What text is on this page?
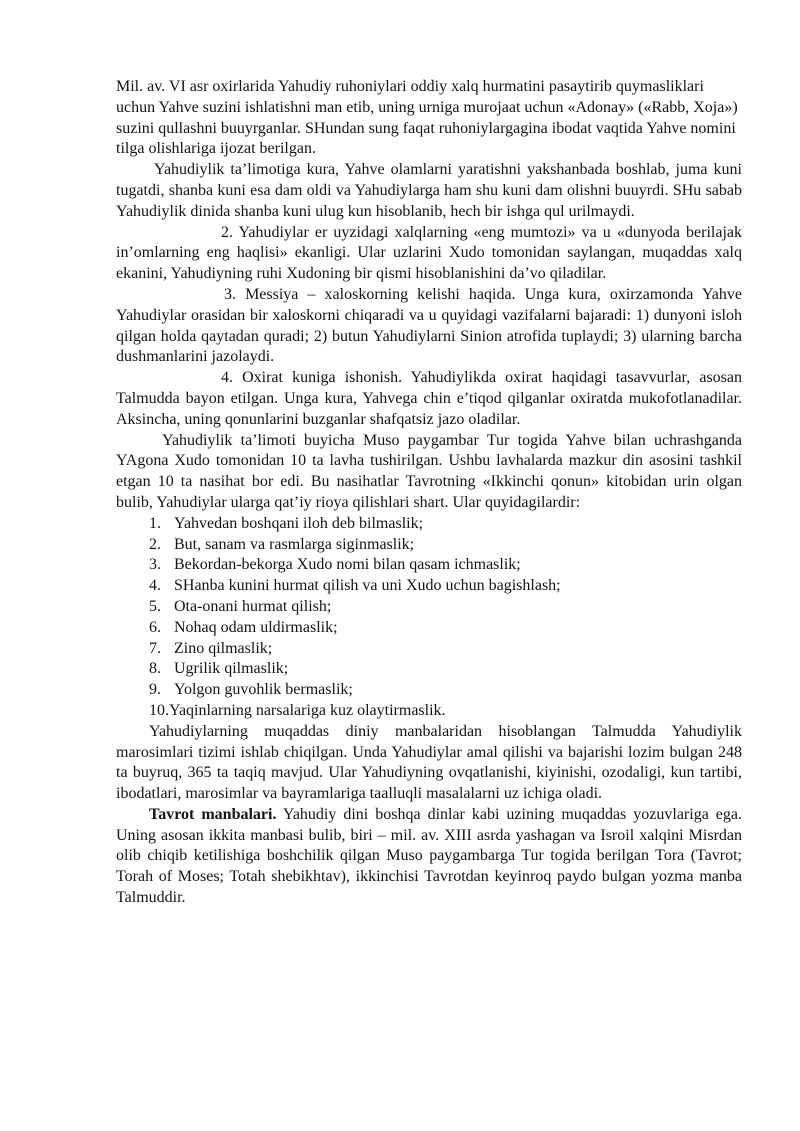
Mil. av. VI asr oxirlarida Yahudiy ruhoniylari oddiy xalq hurmatini pasaytirib quymasliklari uchun Yahve suzini ishlatishni man etib, uning urniga murojaat uchun «Adonay» («Rabb, Xoja») suzini qullashni buuyrganlar. SHundan sung faqat ruhoniylargagina ibodat vaqtida Yahve nomini tilga olishlariga ijozat berilgan.

Yahudiylik ta’limotiga kura, Yahve olamlarni yaratishni yakshanbada boshlab, juma kuni tugatdi, shanba kuni esa dam oldi va Yahudiylarga ham shu kuni dam olishni buuyrdi. SHu sabab Yahudiylik dinida shanba kuni ulug kun hisoblanib, hech bir ishga qul urilmaydi.

2. Yahudiylar er uyzidagi xalqlarning «eng mumtozi» va u «dunyoda berilajak in’omlarning eng haqlisi» ekanligi. Ular uzlarini Xudo tomonidan saylangan, muqaddas xalq ekanini, Yahudiyning ruhi Xudoning bir qismi hisoblanishini da’vo qiladilar.

3. Messiya – xaloskorning kelishi haqida. Unga kura, oxirzamonda Yahve Yahudiylar orasidan bir xaloskorni chiqaradi va u quyidagi vazifalarni bajaradi: 1) dunyoni isloh qilgan holda qaytadan quradi; 2) butun Yahudiylarni Sinion atrofida tuplaydi; 3) ularning barcha dushmanlarini jazolaydi.

4. Oxirat kuniga ishonish. Yahudiylikda oxirat haqidagi tasavvurlar, asosan Talmudda bayon etilgan. Unga kura, Yahvega chin e’tiqod qilganlar oxiratda mukofotlanadilar. Aksincha, uning qonunlarini buzganlar shafqatsiz jazo oladilar.

Yahudiylik ta’limoti buyicha Muso paygambar Tur togida Yahve bilan uchrashganda YAgona Xudo tomonidan 10 ta lavha tushirilgan. Ushbu lavhalarda mazkur din asosini tashkil etgan 10 ta nasihat bor edi. Bu nasihatlar Tavrotning «Ikkinchi qonun» kitobidan urin olgan bulib, Yahudiylar ularga qat’iy rioya qilishlari shart. Ular quyidagilardir:

1. Yahvedan boshqani iloh deb bilmaslik;
2. But, sanam va rasmlarga siginmaslik;
3. Bekordan-bekorga Xudo nomi bilan qasam ichmaslik;
4. SHanba kunini hurmat qilish va uni Xudo uchun bagishlash;
5. Ota-onani hurmat qilish;
6. Nohaq odam uldirmaslik;
7. Zino qilmaslik;
8. Ugrilik qilmaslik;
9. Yolgon guvohlik bermaslik;
10. Yaqinlarning narsalariga kuz olaytirmaslik.

Yahudiylarning muqaddas diniy manbalaridan hisoblangan Talmudda Yahudiylik marosimlari tizimi ishlab chiqilgan. Unda Yahudiylar amal qilishi va bajarishi lozim bulgan 248 ta buyruq, 365 ta taqiq mavjud. Ular Yahudiyning ovqatlanishi, kiyinishi, ozodaligi, kun tartibi, ibodatlari, marosimlar va bayramlariga taalluqli masalalarni uz ichiga oladi.

Tavrot manbalari. Yahudiy dini boshqa dinlar kabi uzining muqaddas yozuvlariga ega. Uning asosan ikkita manbasi bulib, biri – mil. av. XIII asrda yashagan va Isroil xalqini Misrdan olib chiqib ketilishiga boshchilik qilgan Muso paygambarga Tur togida berilgan Tora (Tavrot; Torah of Moses; Totah shebikhtav), ikkinchisi Tavrotdan keyinroq paydo bulgan yozma manba Talmuddir.
